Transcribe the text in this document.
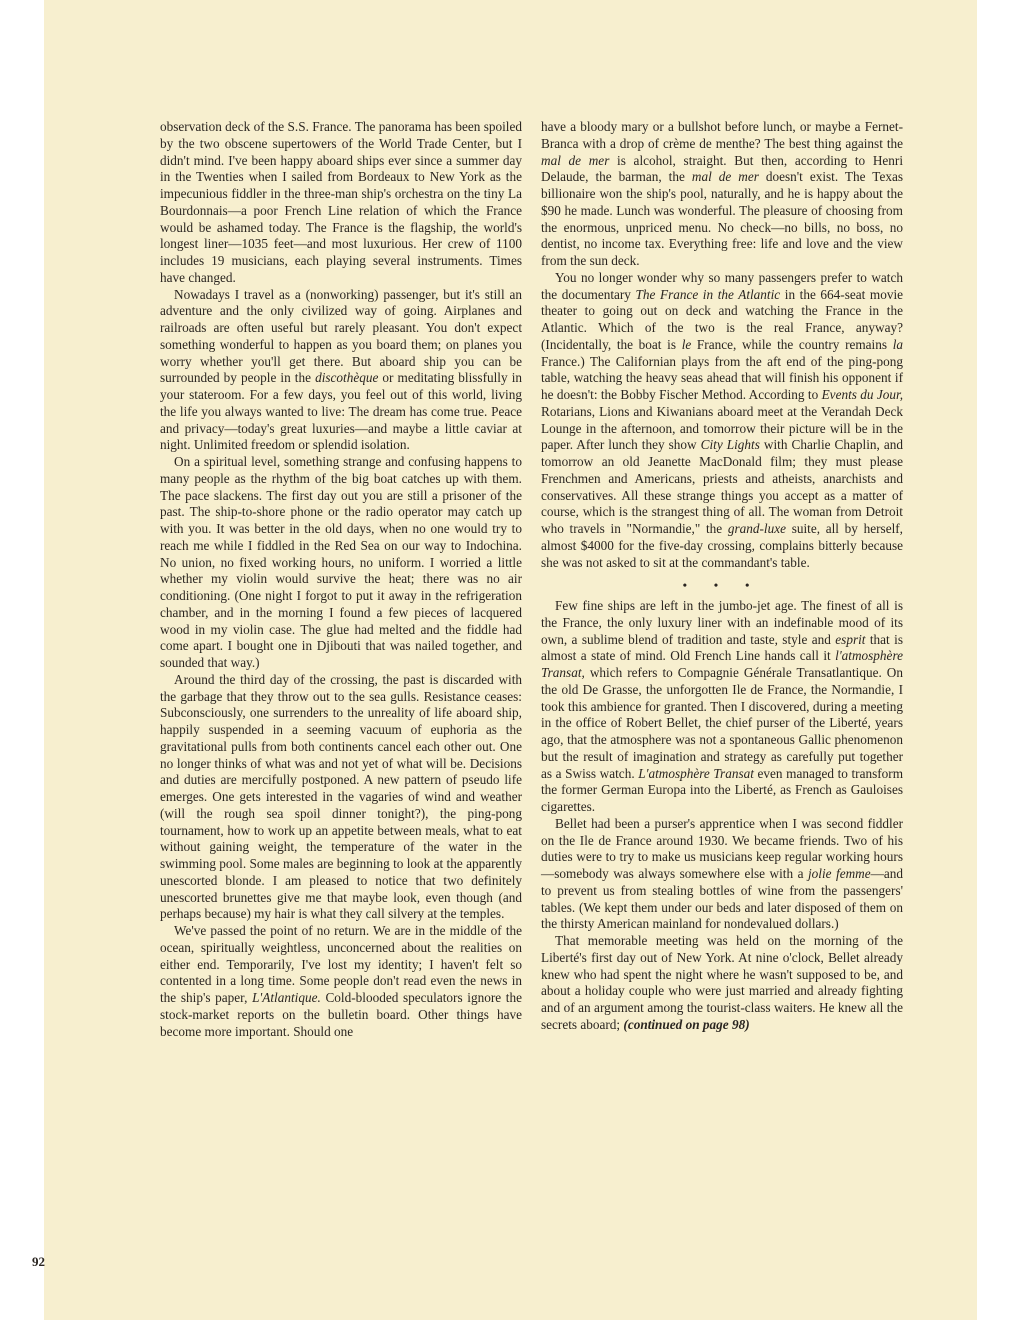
observation deck of the S.S. France. The panorama has been spoiled by the two obscene supertowers of the World Trade Center, but I didn't mind. I've been happy aboard ships ever since a summer day in the Twenties when I sailed from Bordeaux to New York as the impecunious fiddler in the three-man ship's orchestra on the tiny La Bourdonnais—a poor French Line relation of which the France would be ashamed today. The France is the flagship, the world's longest liner—1035 feet—and most luxurious. Her crew of 1100 includes 19 musicians, each playing several instruments. Times have changed.

Nowadays I travel as a (nonworking) passenger, but it's still an adventure and the only civilized way of going. Airplanes and railroads are often useful but rarely pleasant. You don't expect something wonderful to happen as you board them; on planes you worry whether you'll get there. But aboard ship you can be surrounded by people in the discothèque or meditating blissfully in your stateroom. For a few days, you feel out of this world, living the life you always wanted to live: The dream has come true. Peace and privacy—today's great luxuries—and maybe a little caviar at night. Unlimited freedom or splendid isolation.

On a spiritual level, something strange and confusing happens to many people as the rhythm of the big boat catches up with them. The pace slackens. The first day out you are still a prisoner of the past. The ship-to-shore phone or the radio operator may catch up with you. It was better in the old days, when no one would try to reach me while I fiddled in the Red Sea on our way to Indochina. No union, no fixed working hours, no uniform. I worried a little whether my violin would survive the heat; there was no air conditioning. (One night I forgot to put it away in the refrigeration chamber, and in the morning I found a few pieces of lacquered wood in my violin case. The glue had melted and the fiddle had come apart. I bought one in Djibouti that was nailed together, and sounded that way.)

Around the third day of the crossing, the past is discarded with the garbage that they throw out to the sea gulls. Resistance ceases: Subconsciously, one surrenders to the unreality of life aboard ship, happily suspended in a seeming vacuum of euphoria as the gravitational pulls from both continents cancel each other out. One no longer thinks of what was and not yet of what will be. Decisions and duties are mercifully postponed. A new pattern of pseudo life emerges. One gets interested in the vagaries of wind and weather (will the rough sea spoil dinner tonight?), the ping-pong tournament, how to work up an appetite between meals, what to eat without gaining weight, the temperature of the water in the swimming pool. Some males are beginning to look at the apparently unescorted blonde. I am pleased to notice that two definitely unescorted brunettes give me that maybe look, even though (and perhaps because) my hair is what they call silvery at the temples.

We've passed the point of no return. We are in the middle of the ocean, spiritually weightless, unconcerned about the realities on either end. Temporarily, I've lost my identity; I haven't felt so contented in a long time. Some people don't read even the news in the ship's paper, L'Atlantique. Cold-blooded speculators ignore the stock-market reports on the bulletin board. Other things have become more important. Should one

have a bloody mary or a bullshot before lunch, or maybe a Fernet-Branca with a drop of crème de menthe? The best thing against the mal de mer is alcohol, straight. But then, according to Henri Delaude, the barman, the mal de mer doesn't exist. The Texas billionaire won the ship's pool, naturally, and he is happy about the $90 he made. Lunch was wonderful. The pleasure of choosing from the enormous, unpriced menu. No check—no bills, no boss, no dentist, no income tax. Everything free: life and love and the view from the sun deck.

You no longer wonder why so many passengers prefer to watch the documentary The France in the Atlantic in the 664-seat movie theater to going out on deck and watching the France in the Atlantic. Which of the two is the real France, anyway? (Incidentally, the boat is le France, while the country remains la France.) The Californian plays from the aft end of the ping-pong table, watching the heavy seas ahead that will finish his opponent if he doesn't: the Bobby Fischer Method. According to Events du Jour, Rotarians, Lions and Kiwanians aboard meet at the Verandah Deck Lounge in the afternoon, and tomorrow their picture will be in the paper. After lunch they show City Lights with Charlie Chaplin, and tomorrow an old Jeanette MacDonald film; they must please Frenchmen and Americans, priests and atheists, anarchists and conservatives. All these strange things you accept as a matter of course, which is the strangest thing of all. The woman from Detroit who travels in "Normandie," the grand-luxe suite, all by herself, almost $4000 for the five-day crossing, complains bitterly because she was not asked to sit at the commandant's table.

• • •

Few fine ships are left in the jumbo-jet age. The finest of all is the France, the only luxury liner with an indefinable mood of its own, a sublime blend of tradition and taste, style and esprit that is almost a state of mind. Old French Line hands call it l'atmosphère Transat, which refers to Compagnie Générale Transatlantique. On the old De Grasse, the unforgotten Ile de France, the Normandie, I took this ambience for granted. Then I discovered, during a meeting in the office of Robert Bellet, the chief purser of the Liberté, years ago, that the atmosphere was not a spontaneous Gallic phenomenon but the result of imagination and strategy as carefully put together as a Swiss watch. L'atmosphère Transat even managed to transform the former German Europa into the Liberté, as French as Gauloises cigarettes.

Bellet had been a purser's apprentice when I was second fiddler on the Ile de France around 1930. We became friends. Two of his duties were to try to make us musicians keep regular working hours—somebody was always somewhere else with a jolie femme—and to prevent us from stealing bottles of wine from the passengers' tables. (We kept them under our beds and later disposed of them on the thirsty American mainland for nondevalued dollars.)

That memorable meeting was held on the morning of the Liberté's first day out of New York. At nine o'clock, Bellet already knew who had spent the night where he wasn't supposed to be, and about a holiday couple who were just married and already fighting and of an argument among the tourist-class waiters. He knew all the secrets aboard; (continued on page 98)

92
